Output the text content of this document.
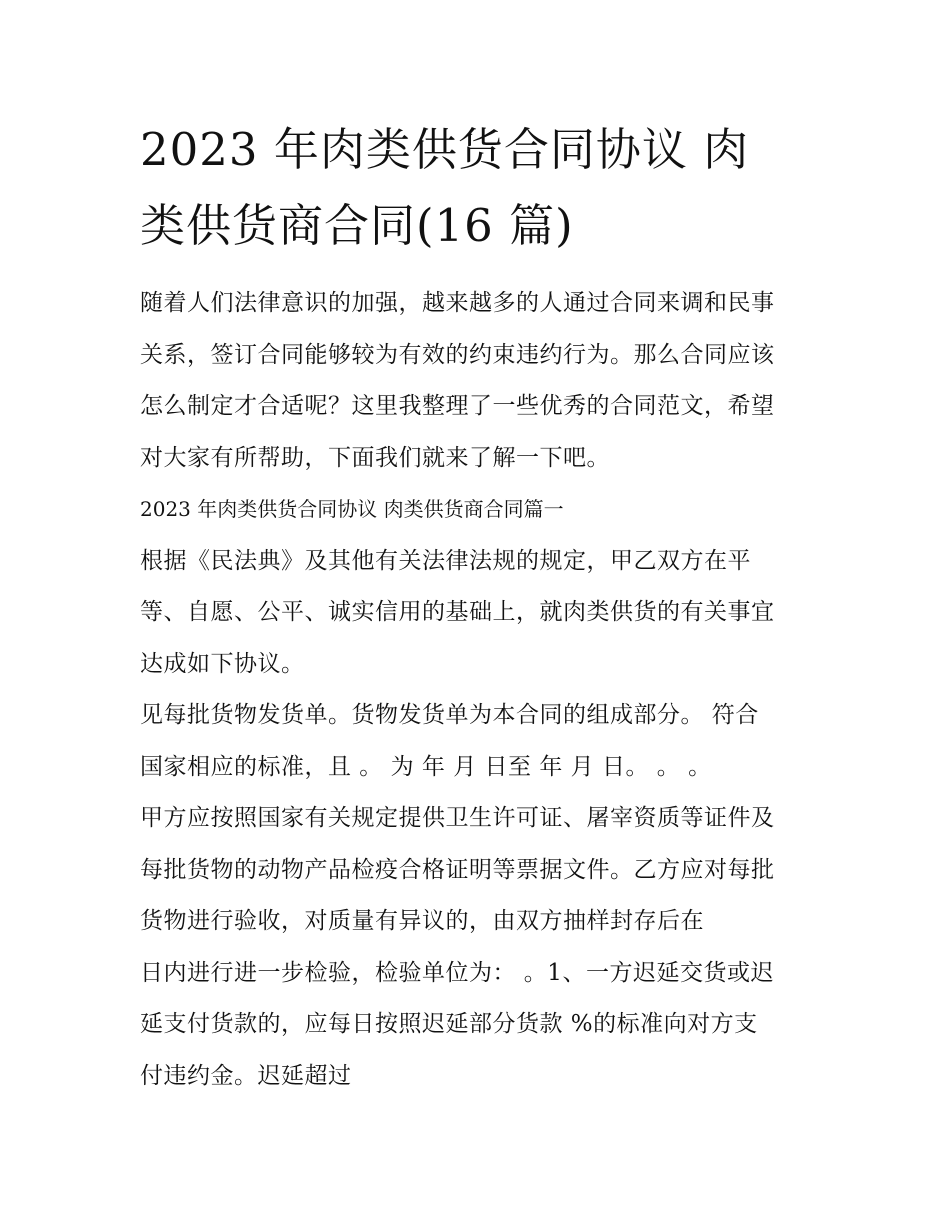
2023 年肉类供货合同协议 肉
类供货商合同(16 篇)
随着人们法律意识的加强，越来越多的人通过合同来调和民事
关系，签订合同能够较为有效的约束违约行为。那么合同应该
怎么制定才合适呢？这里我整理了一些优秀的合同范文，希望
对大家有所帮助，下面我们就来了解一下吧。
2023 年肉类供货合同协议 肉类供货商合同篇一
根据《民法典》及其他有关法律法规的规定，甲乙双方在平
等、自愿、公平、诚实信用的基础上，就肉类供货的有关事宜
达成如下协议。
见每批货物发货单。货物发货单为本合同的组成部分。 符合
国家相应的标准，且 。 为 年 月 日至 年 月 日。 。 。
甲方应按照国家有关规定提供卫生许可证、屠宰资质等证件及
每批货物的动物产品检疫合格证明等票据文件。乙方应对每批
货物进行验收，对质量有异议的，由双方抽样封存后在
日内进行进一步检验，检验单位为： 。1、一方迟延交货或迟
延支付货款的，应每日按照迟延部分货款 %的标准向对方支
付违约金。迟延超过
